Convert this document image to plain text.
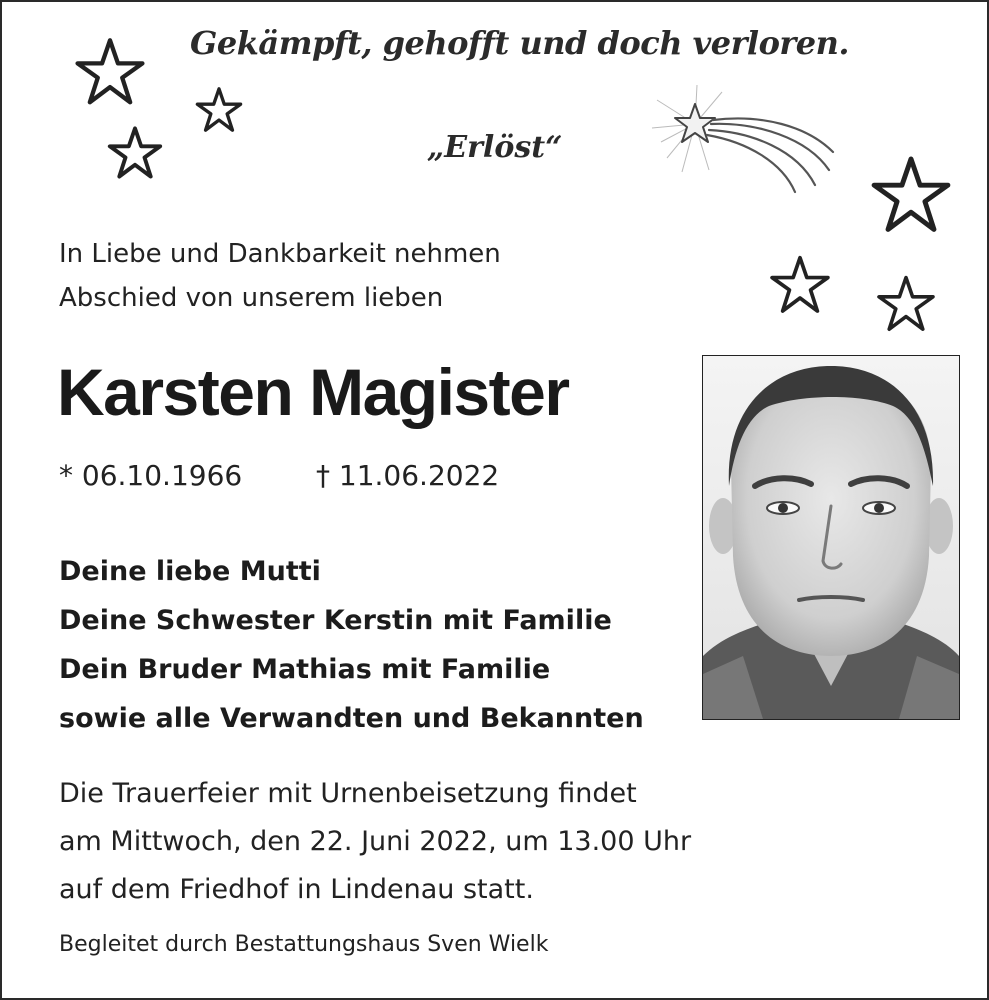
Gekämpft, gehofft und doch verloren.
„Erlöst“
In Liebe und Dankbarkeit nehmen
Abschied von unserem lieben
Karsten Magister
* 06.10.1966	† 11.06.2022
Deine liebe Mutti
Deine Schwester Kerstin mit Familie
Dein Bruder Mathias mit Familie
sowie alle Verwandten und Bekannten
Die Trauerfeier mit Urnenbeisetzung findet
am Mittwoch, den 22. Juni 2022, um 13.00 Uhr
auf dem Friedhof in Lindenau statt.
Begleitet durch Bestattungshaus Sven Wielk
